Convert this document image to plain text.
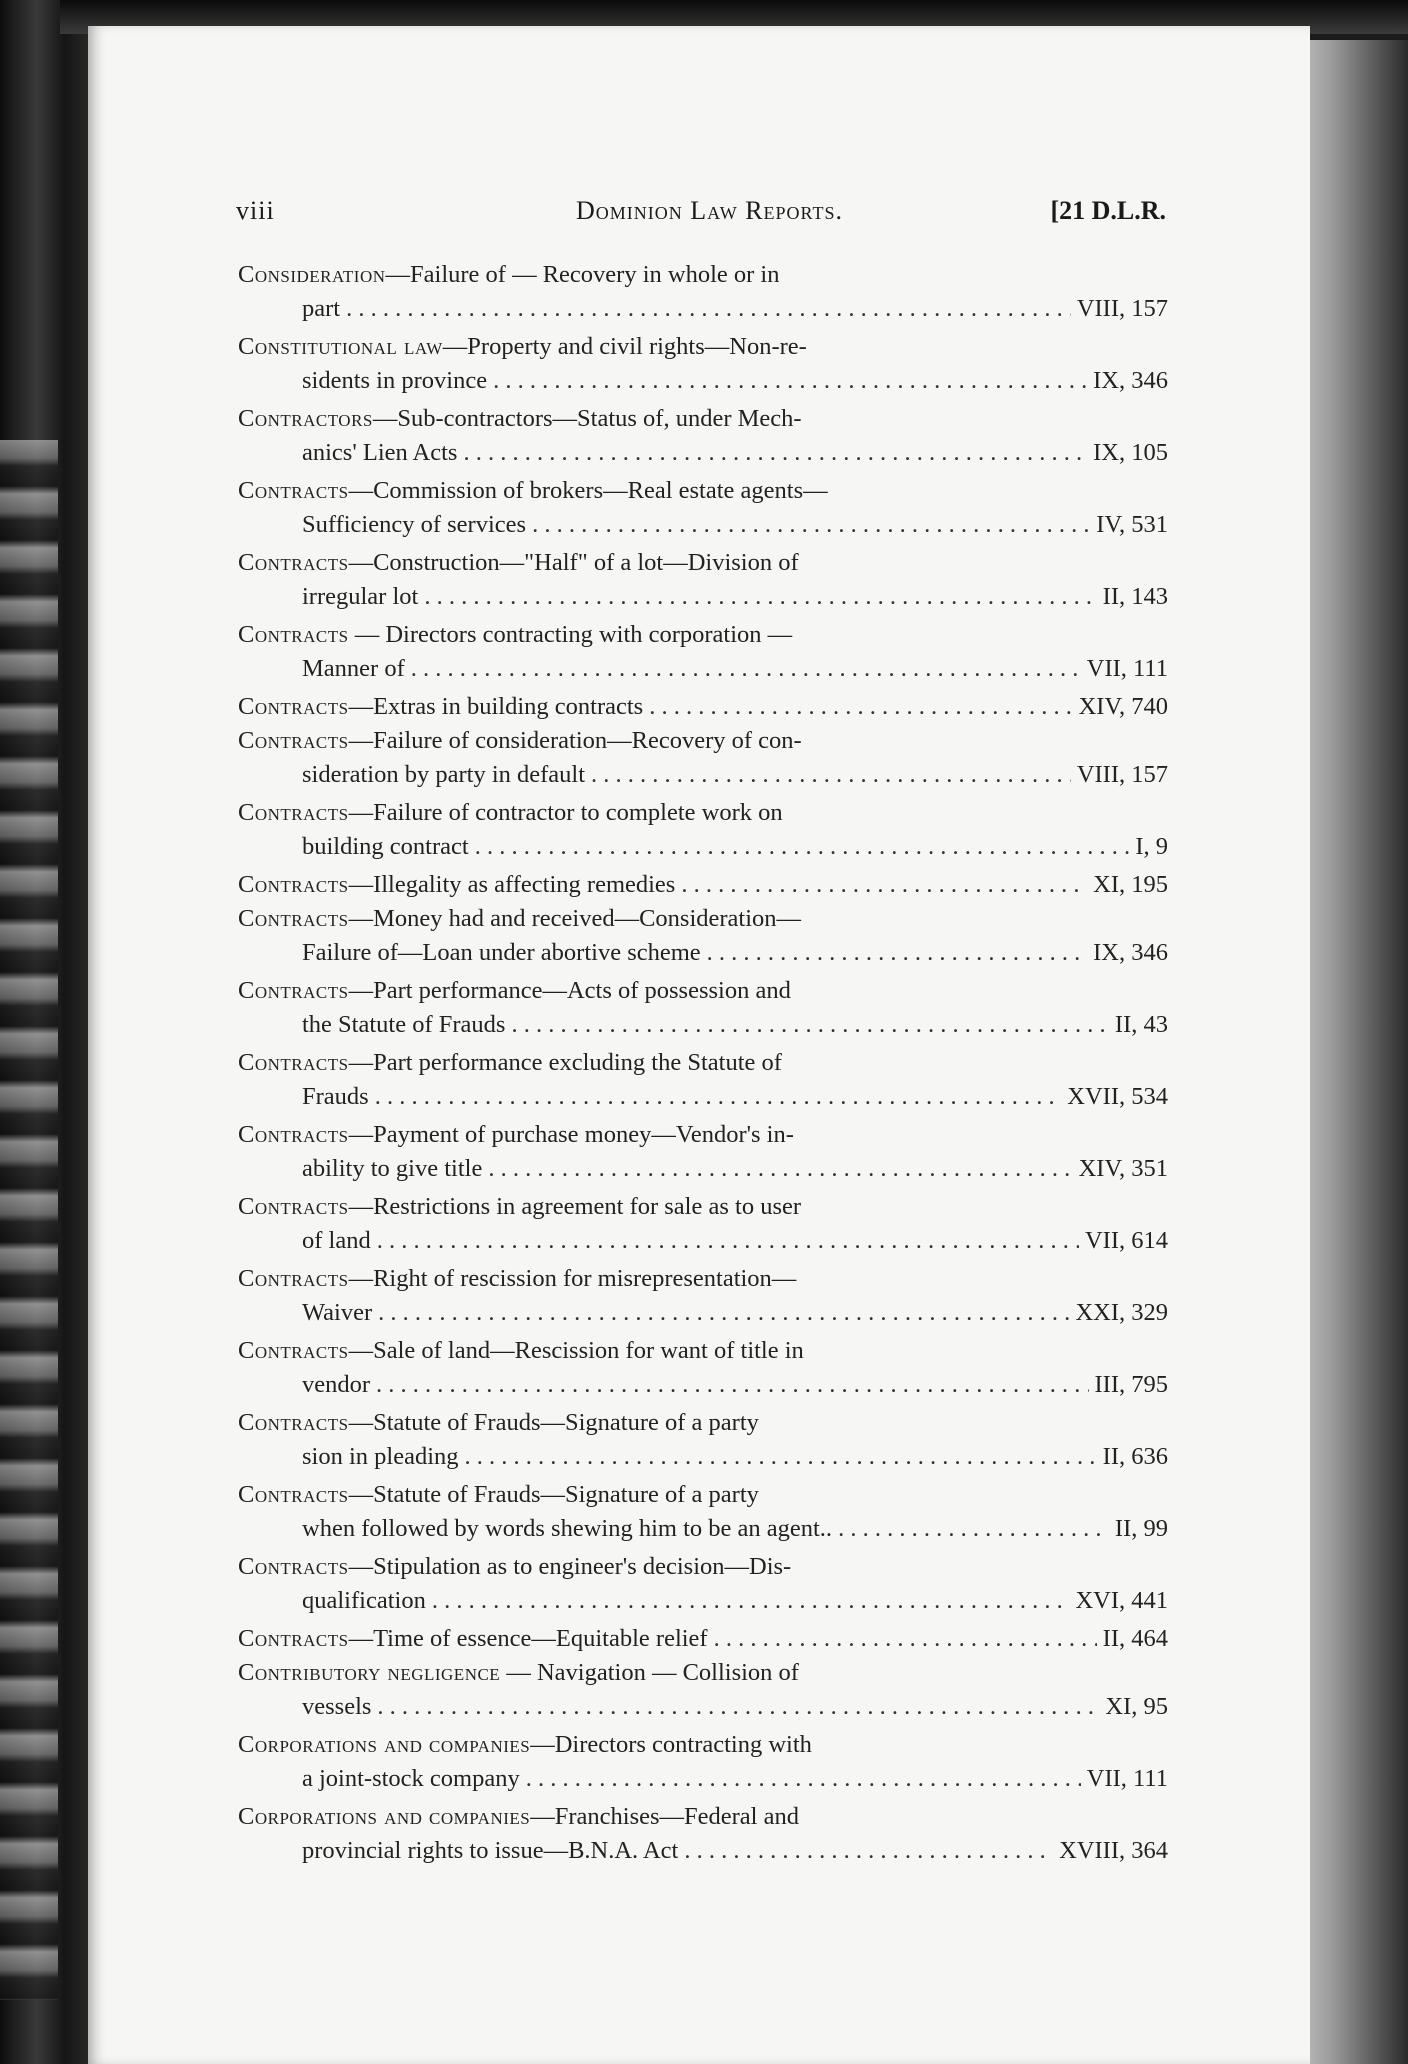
viii	Dominion Law Reports.	[21 D.L.R.
Consideration—Failure of — Recovery in whole or in
part . . .	VIII, 157
Constitutional law—Property and civil rights—Non-re-
sidents in province . . .	IX, 346
Contractors—Sub-contractors—Status of, under Mech-
anics' Lien Acts . . .	IX, 105
Contracts—Commission of brokers—Real estate agents—
Sufficiency of services . . .	IV, 531
Contracts—Construction—"Half" of a lot—Division of
irregular lot . . .	II, 143
Contracts — Directors contracting with corporation —
Manner of . . .	VII, 111
Contracts —Extras in building contracts . . .	XIV, 740
Contracts—Failure of consideration—Recovery of con-
sideration by party in default . . .	VIII, 157
Contracts—Failure of contractor to complete work on
building contract . . .	I, 9
Contracts —Illegality as affecting remedies . . .	XI, 195
Contracts—Money had and received—Consideration—
Failure of—Loan under abortive scheme . . .	IX, 346
Contracts—Part performance—Acts of possession and
the Statute of Frauds . . .	II, 43
Contracts—Part performance excluding the Statute of
Frauds . . .	XVII, 534
Contracts—Payment of purchase money—Vendor's in-
ability to give title . . .	XIV, 351
Contracts—Restrictions in agreement for sale as to user
of land . . .	VII, 614
Contracts—Right of rescission for misrepresentation—
Waiver . . .	XXI, 329
Contracts—Sale of land—Rescission for want of title in
vendor . . .	III, 795
Contracts—Statute of Frauds—Signature of a party
sion in pleading . . .	II, 636
Contracts—Statute of Frauds—Signature of a party
when followed by words shewing him to be an agent.. . . .	II, 99
Contracts—Stipulation as to engineer's decision—Dis-
qualification . . .	XVI, 441
Contracts —Time of essence—Equitable relief . . .	II, 464
Contributory negligence — Navigation — Collision of
vessels . . .	XI, 95
Corporations and companies—Directors contracting with
a joint-stock company . . .	VII, 111
Corporations and companies—Franchises—Federal and
provincial rights to issue—B.N.A. Act . . .	XVIII, 364
